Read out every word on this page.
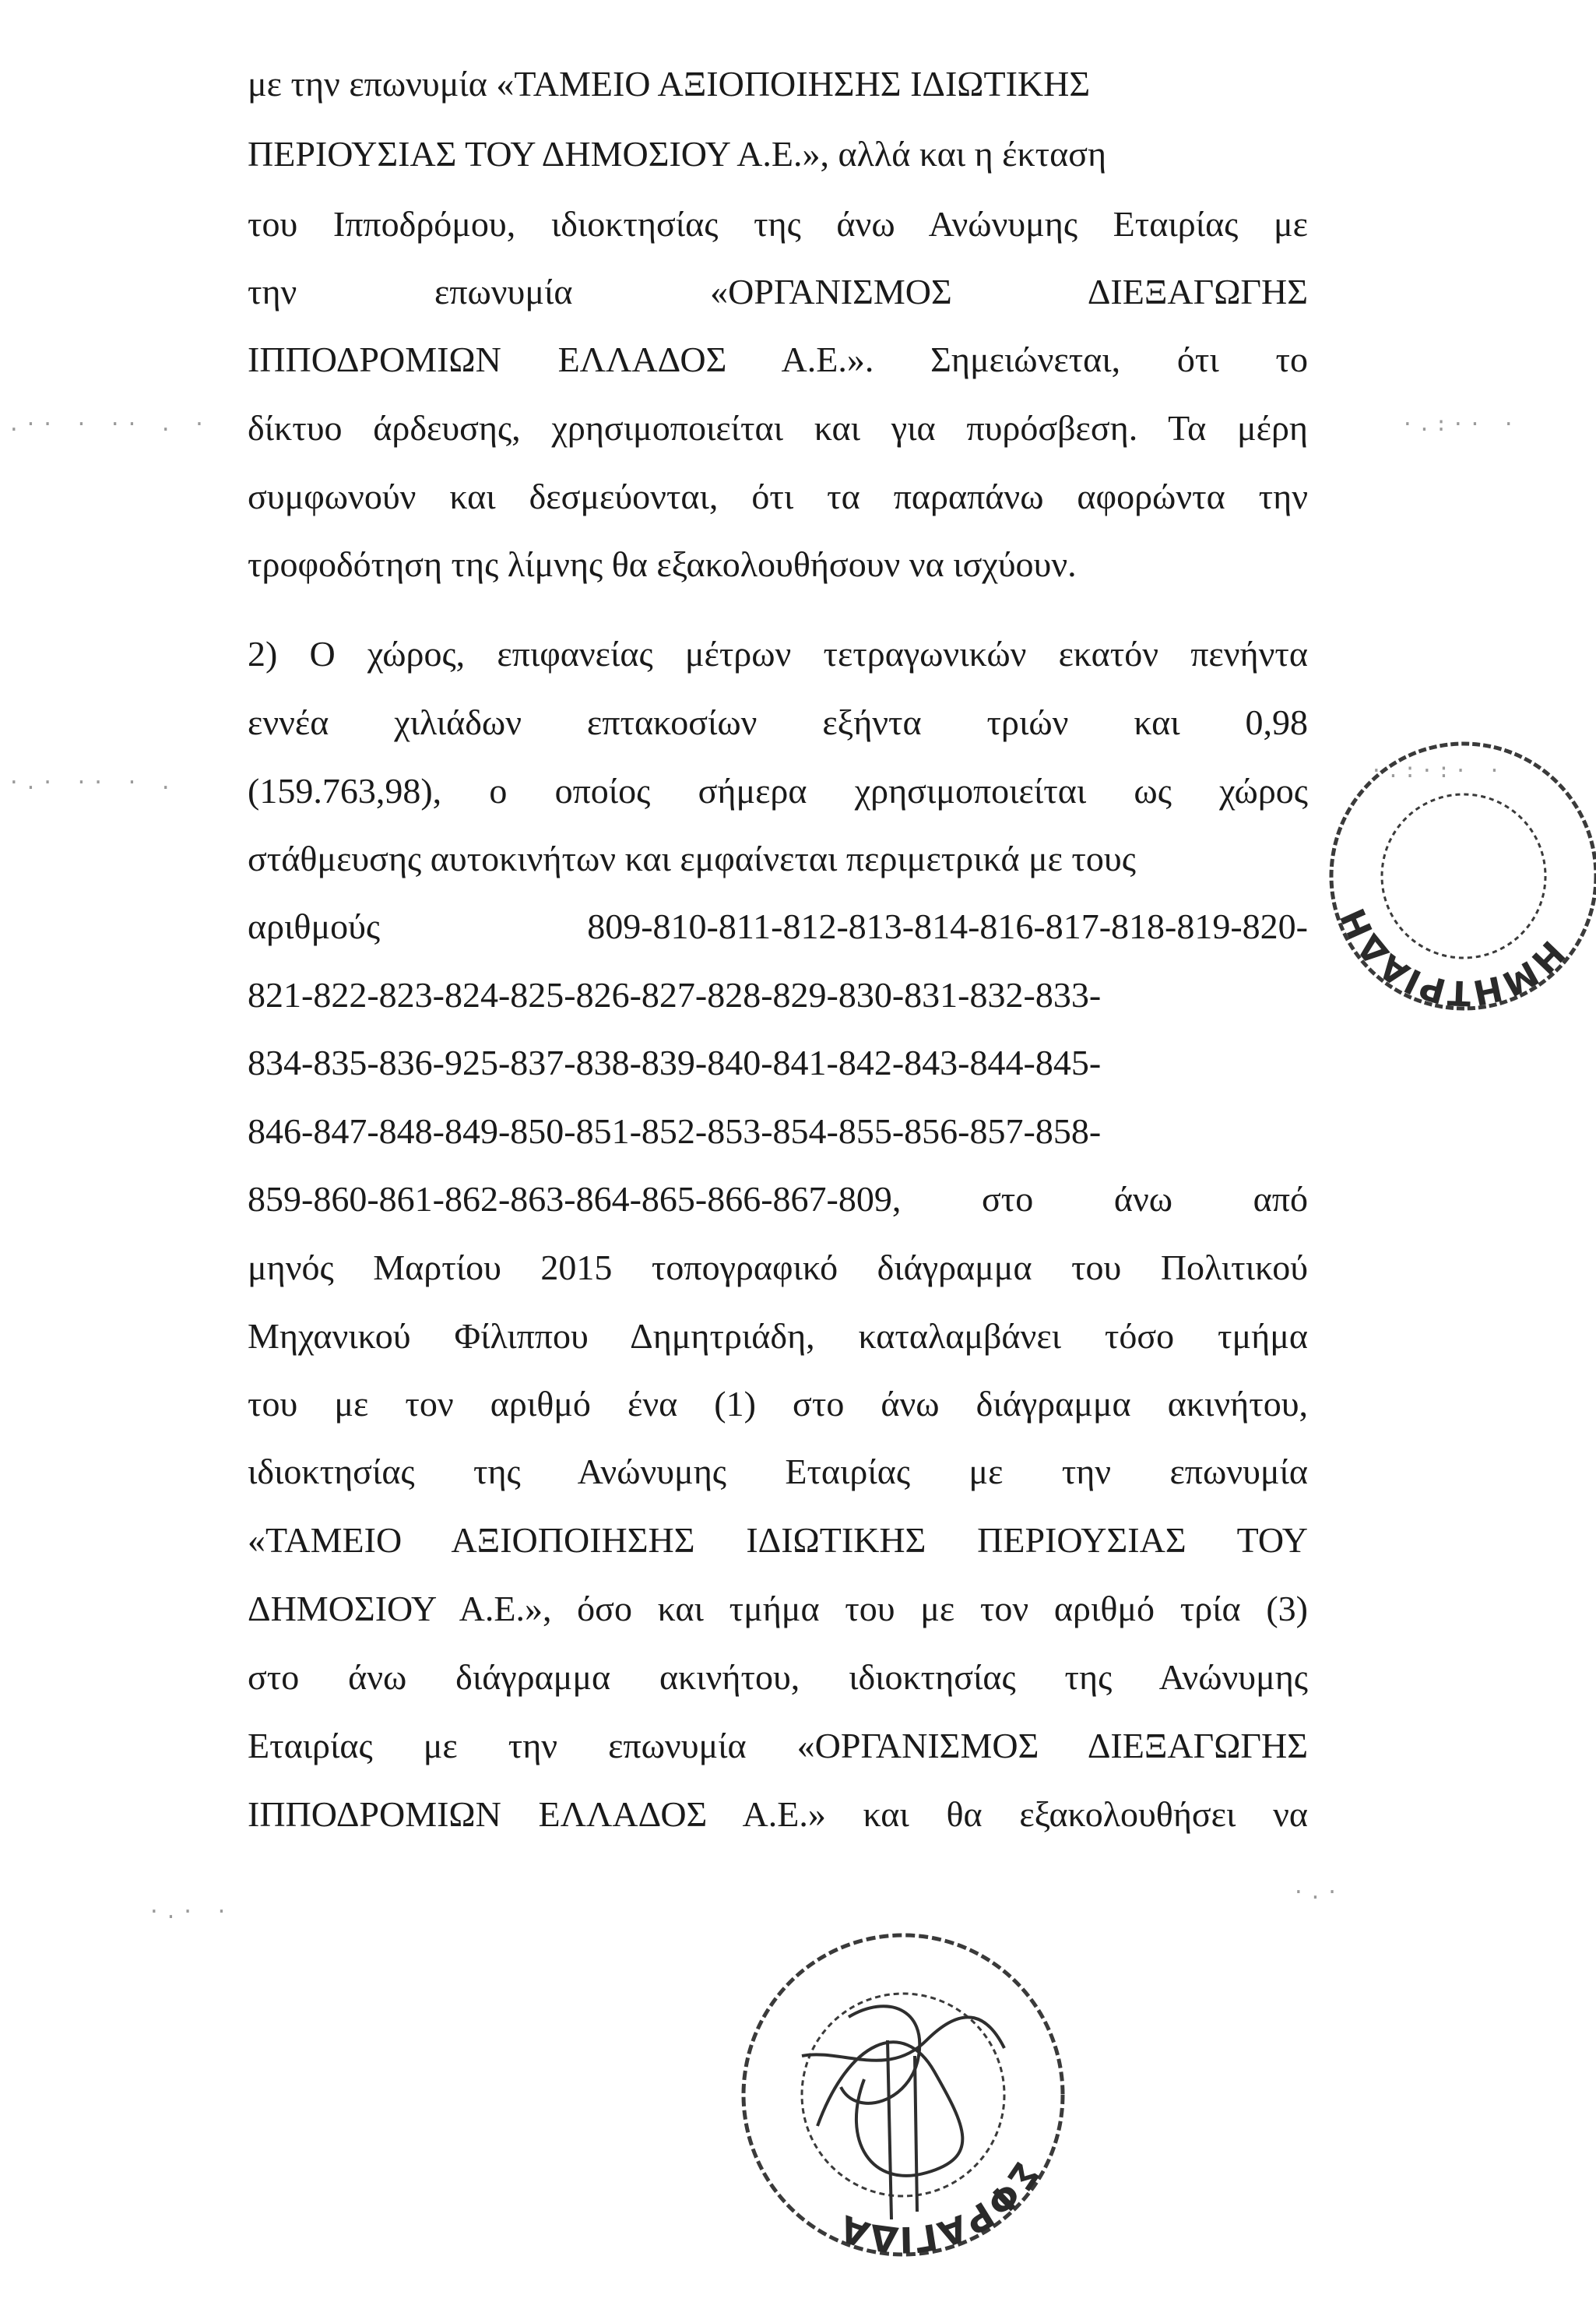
με την επωνυμία «ΤΑΜΕΙΟ ΑΞΙΟΠΟΙΗΣΗΣ ΙΔΙΩΤΙΚΗΣ
ΠΕΡΙΟΥΣΙΑΣ ΤΟΥ ΔΗΜΟΣΙΟΥ Α.Ε.», αλλά και η έκταση
του Ιπποδρόμου, ιδιοκτησίας της άνω Ανώνυμης Εταιρίας με
την επωνυμία «ΟΡΓΑΝΙΣΜΟΣ ΔΙΕΞΑΓΩΓΗΣ
ΙΠΠΟΔΡΟΜΙΩΝ ΕΛΛΑΔΟΣ Α.Ε.». Σημειώνεται, ότι το
δίκτυο άρδευσης, χρησιμοποιείται και για πυρόσβεση. Τα μέρη
συμφωνούν και δεσμεύονται, ότι τα παραπάνω αφορώντα την
τροφοδότηση της λίμνης θα εξακολουθήσουν να ισχύουν.
2) Ο χώρος, επιφανείας μέτρων τετραγωνικών εκατόν πενήντα
εννέα χιλιάδων επτακοσίων εξήντα τριών και 0,98
(159.763,98), ο οποίος σήμερα χρησιμοποιείται ως χώρος
στάθμευσης αυτοκινήτων και εμφαίνεται περιμετρικά με τους
αριθμούς 809-810-811-812-813-814-816-817-818-819-820-
821-822-823-824-825-826-827-828-829-830-831-832-833-
834-835-836-925-837-838-839-840-841-842-843-844-845-
846-847-848-849-850-851-852-853-854-855-856-857-858-
859-860-861-862-863-864-865-866-867-809, στο άνω από
μηνός Μαρτίου 2015 τοπογραφικό διάγραμμα του Πολιτικού
Μηχανικού Φίλιππου Δημητριάδη, καταλαμβάνει τόσο τμήμα
του με τον αριθμό ένα (1) στο άνω διάγραμμα ακινήτου,
ιδιοκτησίας της Ανώνυμης Εταιρίας με την επωνυμία
«ΤΑΜΕΙΟ ΑΞΙΟΠΟΙΗΣΗΣ ΙΔΙΩΤΙΚΗΣ ΠΕΡΙΟΥΣΙΑΣ ΤΟΥ
ΔΗΜΟΣΙΟΥ Α.Ε.», όσο και τμήμα του με τον αριθμό τρία (3)
στο άνω διάγραμμα ακινήτου, ιδιοκτησίας της Ανώνυμης
Εταιρίας με την επωνυμία «ΟΡΓΑΝΙΣΜΟΣ ΔΙΕΞΑΓΩΓΗΣ
ΙΠΠΟΔΡΟΜΙΩΝ ΕΛΛΑΔΟΣ Α.Ε.» και θα εξακολουθήσει να
.·· · ·· . ·	·.:·· ·
·.· ·· · .	·.:·:· ·
·.· ·
·.·
ΗΜΗΤΡΙΑΔΗ
ΣΦΡΑΓΙΔΑ
